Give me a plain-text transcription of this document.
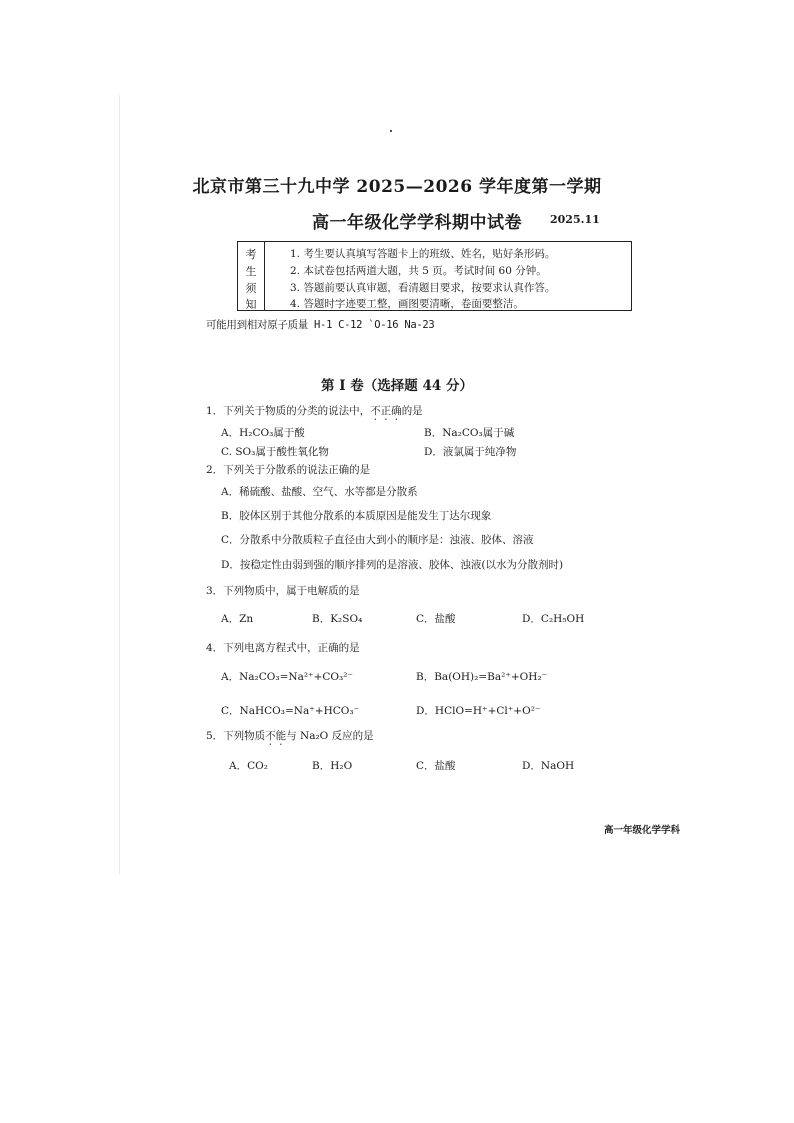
北京市第三十九中学 2025—2026 学年度第一学期
高一年级化学学科期中试卷	2025.11
考
生
须
知
1. 考生要认真填写答题卡上的班级、姓名，贴好条形码。
2. 本试卷包括两道大题，共 5 页。考试时间 60 分钟。
3. 答题前要认真审题，看清题目要求，按要求认真作答。
4. 答题时字迹要工整，画图要清晰，卷面要整洁。
可能用到相对原子质量 H-1 C-12 `O-16 Na-23
第 I 卷（选择题 44 分）
1．下列关于物质的分类的说法中，不正确的是
A．H₂CO₃属于酸	B．Na₂CO₃属于碱
C. SO₃属于酸性氧化物	D．液氯属于纯净物
2．下列关于分散系的说法正确的是
A．稀硫酸、盐酸、空气、水等都是分散系
B．胶体区别于其他分散系的本质原因是能发生丁达尔现象
C．分散系中分散质粒子直径由大到小的顺序是：浊液、胶体、溶液
D．按稳定性由弱到强的顺序排列的是溶液、胶体、浊液(以水为分散剂时)
3．下列物质中，属于电解质的是
A．Zn	B．K₂SO₄	C．盐酸	D．C₂H₅OH
4．下列电离方程式中，正确的是
A．Na₂CO₃=Na²⁺+CO₃²⁻	B．Ba(OH)₂=Ba²⁺+OH₂⁻
C．NaHCO₃=Na⁺+HCO₃⁻	D．HClO=H⁺+Cl⁺+O²⁻
5．下列物质不能与 Na₂O 反应的是
A．CO₂	B．H₂O	C．盐酸	D．NaOH
高一年级化学学科
